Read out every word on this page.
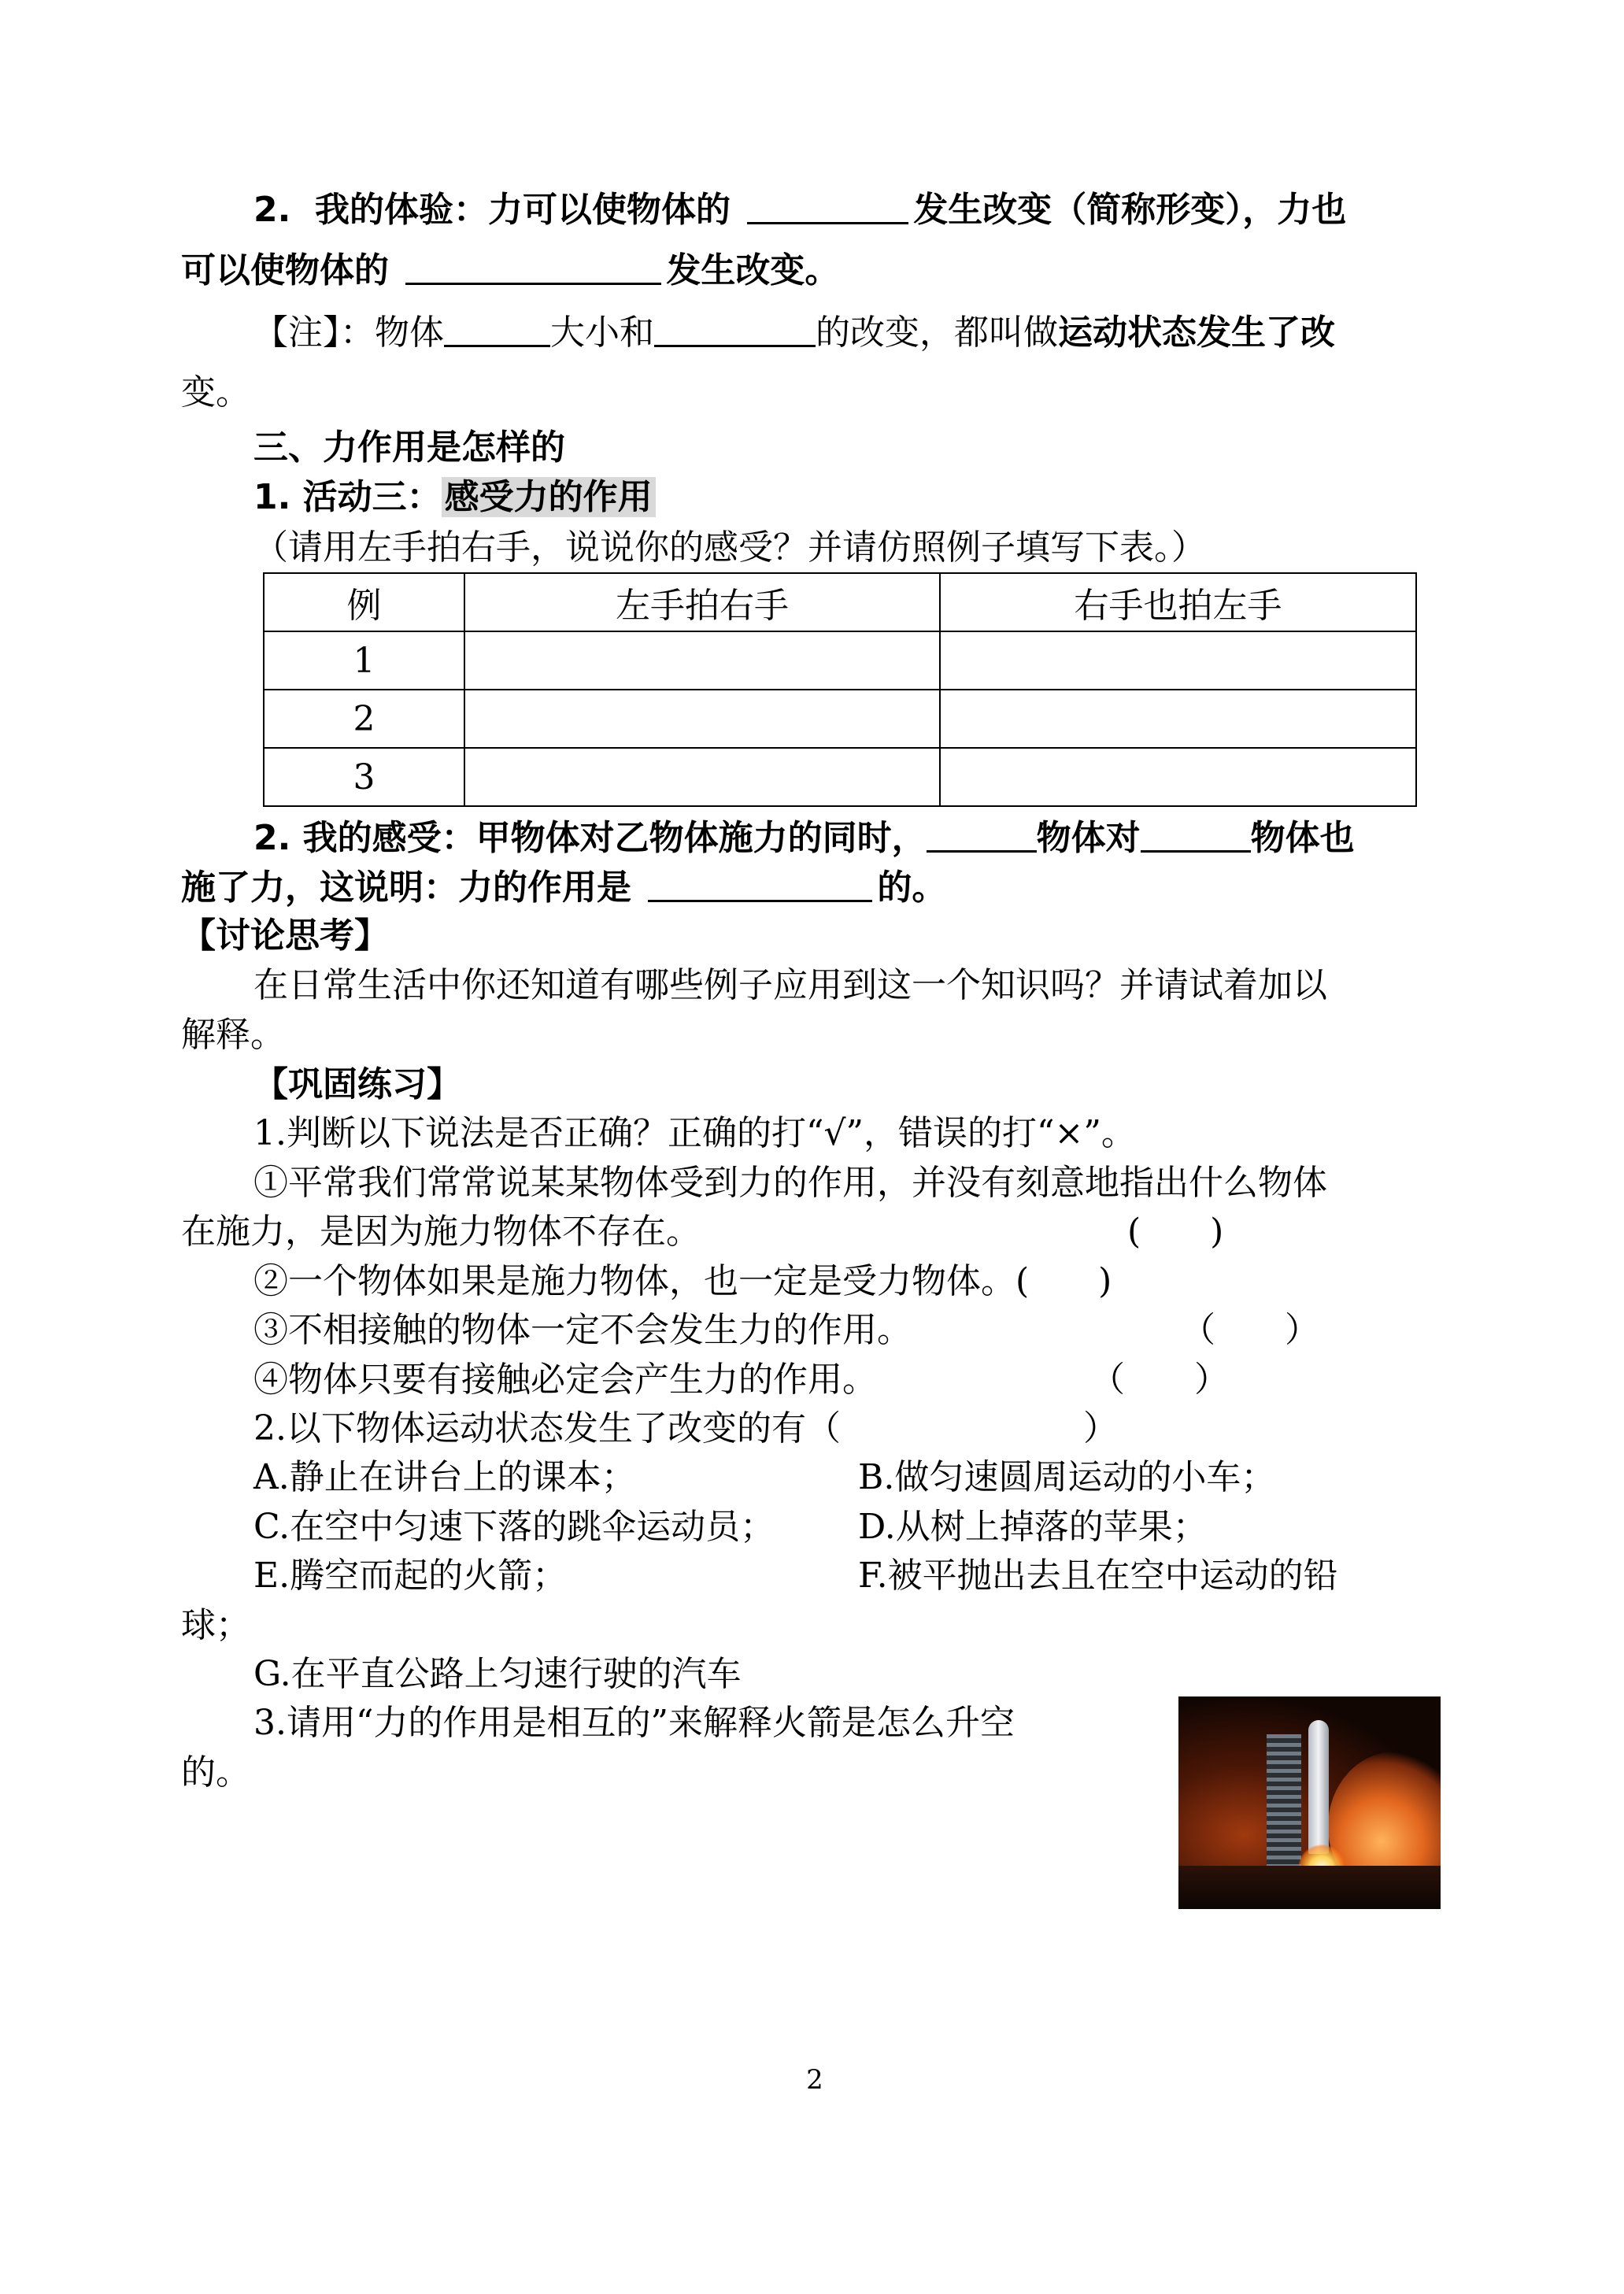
2. 我的体验：力可以使物体的	发生改变（简称形变），力也
可以使物体的	发生改变。
【注】：物体	大小和	的改变，都叫做运动状态发生了改
变。
三、力作用是怎样的
1. 活动三：感受力的作用
（请用左手拍右手，说说你的感受？并请仿照例子填写下表。）
例	左手拍右手	右手也拍左手
1		
2		
3		
2. 我的感受：甲物体对乙物体施力的同时，	物体对	物体也
施了力，这说明：力的作用是	的。
【讨论思考】
在日常生活中你还知道有哪些例子应用到这一个知识吗？并请试着加以
解释。
【巩固练习】
1.判断以下说法是否正确？正确的打“√”，错误的打“×”。
①平常我们常常说某某物体受到力的作用，并没有刻意地指出什么物体
在施力，是因为施力物体不存在。	(　　)
②一个物体如果是施力物体，也一定是受力物体。(　　)
③不相接触的物体一定不会发生力的作用。	（　　）
④物体只要有接触必定会产生力的作用。	（　　）
2.以下物体运动状态发生了改变的有（　　　　　　　）
A.静止在讲台上的课本；	B.做匀速圆周运动的小车；
C.在空中匀速下落的跳伞运动员； D.从树上掉落的苹果；
E.腾空而起的火箭；	F.被平抛出去且在空中运动的铅
球；
G.在平直公路上匀速行驶的汽车
3.请用“力的作用是相互的”来解释火箭是怎么升空
的。
2
